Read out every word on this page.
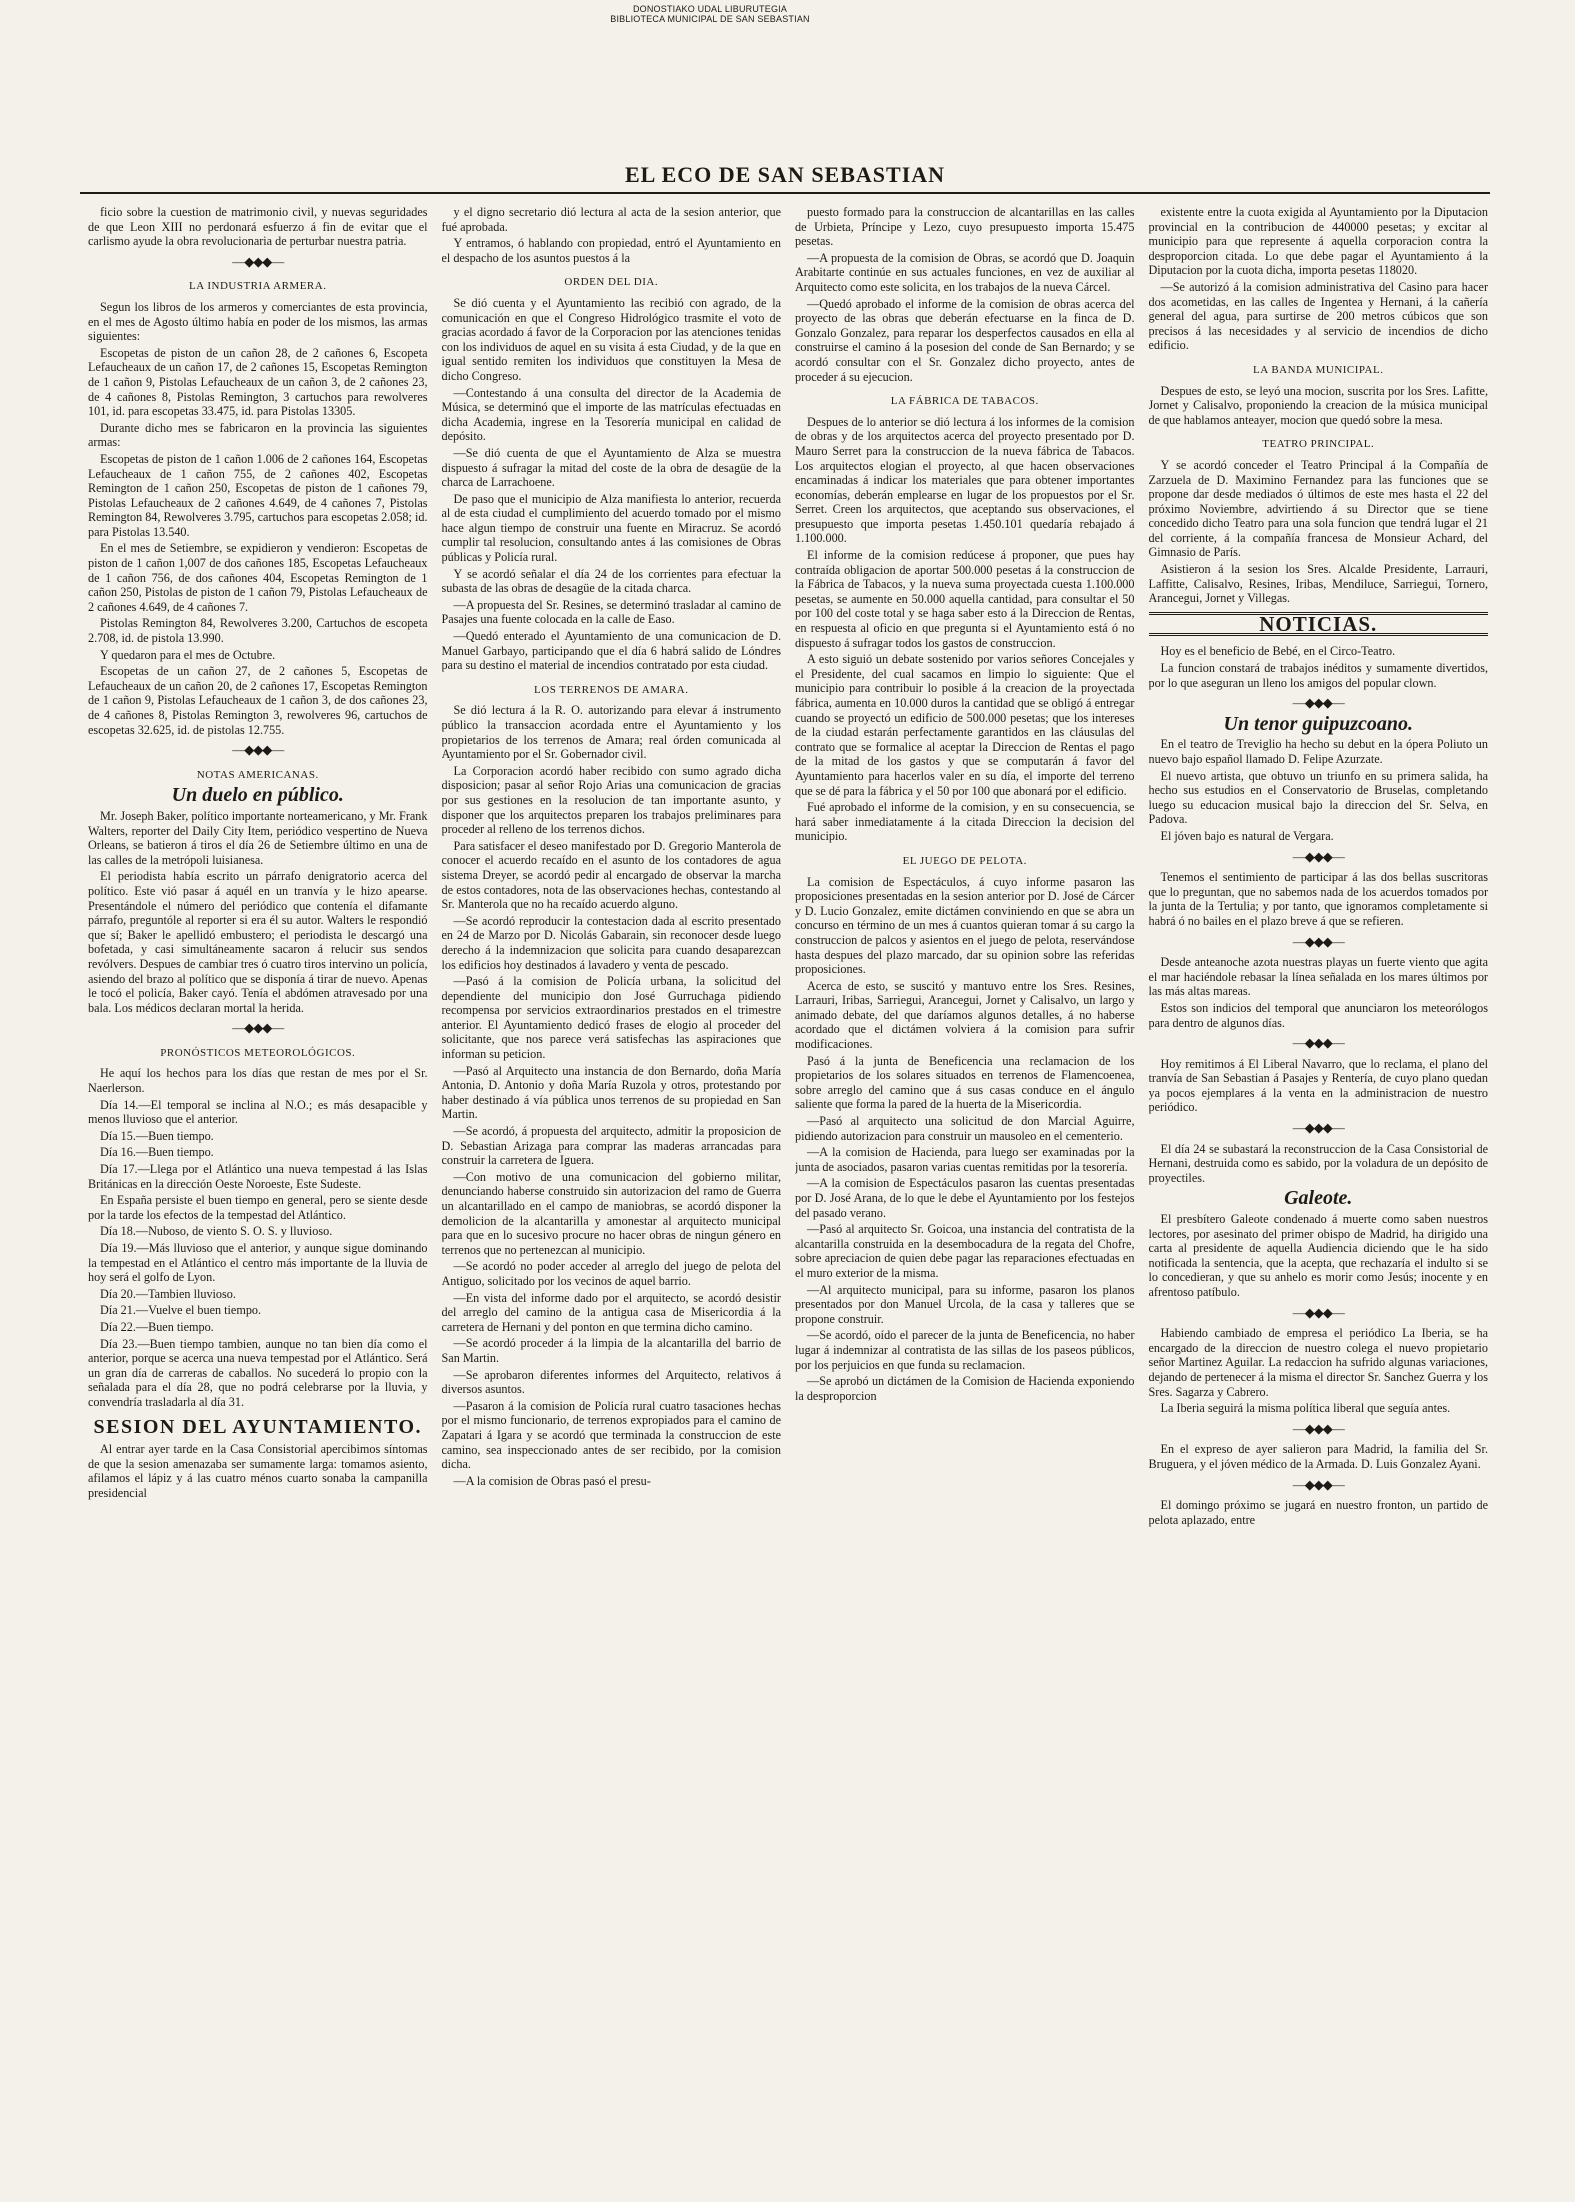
DONOSTIAKO UDAL LIBURUTEGIA
BIBLIOTECA MUNICIPAL DE SAN SEBASTIAN
EL ECO DE SAN SEBASTIAN

ficio sobre la cuestion de matrimonio civil, y nuevas seguridades de que Leon XIII no perdonará esfuerzo á fin de evitar que el carlismo ayude la obra revolucionaria de perturbar nuestra patria.

—◆◆◆—
LA INDUSTRIA ARMERA.

Segun los libros de los armeros y comerciantes de esta provincia, en el mes de Agosto último había en poder de los mismos, las armas siguientes:

Escopetas de piston de un cañon 28, de 2 cañones 6, Escopeta Lefaucheaux de un cañon 17, de 2 cañones 15, Escopetas Remington de 1 cañon 9, Pistolas Lefaucheaux de un cañon 3, de 2 cañones 23, de 4 cañones 8, Pistolas Remington, 3 cartuchos para rewolveres 101, id. para escopetas 33.475, id. para Pistolas 13305.

Durante dicho mes se fabricaron en la provincia las siguientes armas:

Escopetas de piston de 1 cañon 1.006 de 2 cañones 164, Escopetas Lefaucheaux de 1 cañon 755, de 2 cañones 402, Escopetas Remington de 1 cañon 250, Escopetas de piston de 1 cañones 79, Pistolas Lefaucheaux de 2 cañones 4.649, de 4 cañones 7, Pistolas Remington 84, Rewolveres 3.795, cartuchos para escopetas 2.058; id. para Pistolas 13.540.

En el mes de Setiembre, se expidieron y vendieron: Escopetas de piston de 1 cañon 1,007 de dos cañones 185, Escopetas Lefaucheaux de 1 cañon 756, de dos cañones 404, Escopetas Remington de 1 cañon 250, Pistolas de piston de 1 cañon 79, Pistolas Lefaucheaux de 2 cañones 4.649, de 4 cañones 7.

Pistolas Remington 84, Rewolveres 3.200, Cartuchos de escopeta 2.708, id. de pistola 13.990.

Y quedaron para el mes de Octubre.

Escopetas de un cañon 27, de 2 cañones 5, Escopetas de Lefaucheaux de un cañon 20, de 2 cañones 17, Escopetas Remington de 1 cañon 9, Pistolas Lefaucheaux de 1 cañon 3, de dos cañones 23, de 4 cañones 8, Pistolas Remington 3, rewolveres 96, cartuchos de escopetas 32.625, id. de pistolas 12.755.

—◆◆◆—
NOTAS AMERICANAS.
Un duelo en público.

Mr. Joseph Baker, político importante norteamericano, y Mr. Frank Walters, reporter del Daily City Item, periódico vespertino de Nueva Orleans, se batieron á tiros el día 26 de Setiembre último en una de las calles de la metrópoli luisianesa.

El periodista había escrito un párrafo denigratorio acerca del político. Este vió pasar á aquél en un tranvía y le hizo apearse. Presentándole el número del periódico que contenía el difamante párrafo, preguntóle al reporter si era él su autor. Walters le respondió que sí; Baker le apellidó embustero; el periodista le descargó una bofetada, y casi simultáneamente sacaron á relucir sus sendos revólvers. Despues de cambiar tres ó cuatro tiros intervino un policía, asiendo del brazo al político que se disponía á tirar de nuevo. Apenas le tocó el policía, Baker cayó. Tenía el abdómen atravesado por una bala. Los médicos declaran mortal la herida.

—◆◆◆—
PRONÓSTICOS METEOROLÓGICOS.

He aquí los hechos para los días que restan de mes por el Sr. Naerlerson.

Día 14.—El temporal se inclina al N.O.; es más desapacible y menos lluvioso que el anterior.

Día 15.—Buen tiempo.

Día 16.—Buen tiempo.

Día 17.—Llega por el Atlántico una nueva tempestad á las Islas Británicas en la dirección Oeste Noroeste, Este Sudeste.

En España persiste el buen tiempo en general, pero se siente desde por la tarde los efectos de la tempestad del Atlántico.

Día 18.—Nuboso, de viento S. O. S. y lluvioso.

Día 19.—Más lluvioso que el anterior, y aunque sigue dominando la tempestad en el Atlántico el centro más importante de la lluvia de hoy será el golfo de Lyon.

Día 20.—Tambien lluvioso.

Día 21.—Vuelve el buen tiempo.

Día 22.—Buen tiempo.

Día 23.—Buen tiempo tambien, aunque no tan bien día como el anterior, porque se acerca una nueva tempestad por el Atlántico. Será un gran día de carreras de caballos. No sucederá lo propio con la señalada para el día 28, que no podrá celebrarse por la lluvia, y convendría trasladarla al día 31.

SESION DEL AYUNTAMIENTO.

Al entrar ayer tarde en la Casa Consistorial apercibimos síntomas de que la sesion amenazaba ser sumamente larga: tomamos asiento, afilamos el lápiz y á las cuatro ménos cuarto sonaba la campanilla presidencial

y el digno secretario dió lectura al acta de la sesion anterior, que fué aprobada.

Y entramos, ó hablando con propiedad, entró el Ayuntamiento en el despacho de los asuntos puestos á la

ORDEN DEL DIA.

Se dió cuenta y el Ayuntamiento las recibió con agrado, de la comunicación en que el Congreso Hidrológico trasmite el voto de gracias acordado á favor de la Corporacion por las atenciones tenidas con los individuos de aquel en su visita á esta Ciudad, y de la que en igual sentido remiten los individuos que constituyen la Mesa de dicho Congreso.

—Contestando á una consulta del director de la Academia de Música, se determinó que el importe de las matrículas efectuadas en dicha Academia, ingrese en la Tesorería municipal en calidad de depósito.

—Se dió cuenta de que el Ayuntamiento de Alza se muestra dispuesto á sufragar la mitad del coste de la obra de desagüe de la charca de Larrachoene.

De paso que el municipio de Alza manifiesta lo anterior, recuerda al de esta ciudad el cumplimiento del acuerdo tomado por el mismo hace algun tiempo de construir una fuente en Miracruz. Se acordó cumplir tal resolucion, consultando antes á las comisiones de Obras públicas y Policía rural.

Y se acordó señalar el día 24 de los corrientes para efectuar la subasta de las obras de desagüe de la citada charca.

—A propuesta del Sr. Resines, se determinó trasladar al camino de Pasajes una fuente colocada en la calle de Easo.

—Quedó enterado el Ayuntamiento de una comunicacion de D. Manuel Garbayo, participando que el día 6 habrá salido de Lóndres para su destino el material de incendios contratado por esta ciudad.

LOS TERRENOS DE AMARA.

Se dió lectura á la R. O. autorizando para elevar á instrumento público la transaccion acordada entre el Ayuntamiento y los propietarios de los terrenos de Amara; real órden comunicada al Ayuntamiento por el Sr. Gobernador civil.

La Corporacion acordó haber recibido con sumo agrado dicha disposicion; pasar al señor Rojo Arias una comunicacion de gracias por sus gestiones en la resolucion de tan importante asunto, y disponer que los arquitectos preparen los trabajos preliminares para proceder al relleno de los terrenos dichos.

Para satisfacer el deseo manifestado por D. Gregorio Manterola de conocer el acuerdo recaído en el asunto de los contadores de agua sistema Dreyer, se acordó pedir al encargado de observar la marcha de estos contadores, nota de las observaciones hechas, contestando al Sr. Manterola que no ha recaído acuerdo alguno.

—Se acordó reproducir la contestacion dada al escrito presentado en 24 de Marzo por D. Nicolás Gabarain, sin reconocer desde luego derecho á la indemnizacion que solicita para cuando desaparezcan los edificios hoy destinados á lavadero y venta de pescado.

—Pasó á la comision de Policía urbana, la solicitud del dependiente del municipio don José Gurruchaga pidiendo recompensa por servicios extraordinarios prestados en el trimestre anterior. El Ayuntamiento dedicó frases de elogio al proceder del solicitante, que nos parece verá satisfechas las aspiraciones que informan su peticion.

—Pasó al Arquitecto una instancia de don Bernardo, doña María Antonia, D. Antonio y doña María Ruzola y otros, protestando por haber destinado á vía pública unos terrenos de su propiedad en San Martin.

—Se acordó, á propuesta del arquitecto, admitir la proposicion de D. Sebastian Arizaga para comprar las maderas arrancadas para construir la carretera de Iguera.

—Con motivo de una comunicacion del gobierno militar, denunciando haberse construido sin autorizacion del ramo de Guerra un alcantarillado en el campo de maniobras, se acordó disponer la demolicion de la alcantarilla y amonestar al arquitecto municipal para que en lo sucesivo procure no hacer obras de ningun género en terrenos que no pertenezcan al municipio.

—Se acordó no poder acceder al arreglo del juego de pelota del Antiguo, solicitado por los vecinos de aquel barrio.

—En vista del informe dado por el arquitecto, se acordó desistir del arreglo del camino de la antigua casa de Misericordia á la carretera de Hernani y del ponton en que termina dicho camino.

—Se acordó proceder á la limpia de la alcantarilla del barrio de San Martin.

—Se aprobaron diferentes informes del Arquitecto, relativos á diversos asuntos.

—Pasaron á la comision de Policía rural cuatro tasaciones hechas por el mismo funcionario, de terrenos expropiados para el camino de Zapatari á Igara y se acordó que terminada la construccion de este camino, sea inspeccionado antes de ser recibido, por la comision dicha.

—A la comision de Obras pasó el presu-

puesto formado para la construccion de alcantarillas en las calles de Urbieta, Príncipe y Lezo, cuyo presupuesto importa 15.475 pesetas.

—A propuesta de la comision de Obras, se acordó que D. Joaquin Arabitarte continúe en sus actuales funciones, en vez de auxiliar al Arquitecto como este solicita, en los trabajos de la nueva Cárcel.

—Quedó aprobado el informe de la comision de obras acerca del proyecto de las obras que deberán efectuarse en la finca de D. Gonzalo Gonzalez, para reparar los desperfectos causados en ella al construirse el camino á la posesion del conde de San Bernardo; y se acordó consultar con el Sr. Gonzalez dicho proyecto, antes de proceder á su ejecucion.

LA FÁBRICA DE TABACOS.

Despues de lo anterior se dió lectura á los informes de la comision de obras y de los arquitectos acerca del proyecto presentado por D. Mauro Serret para la construccion de la nueva fábrica de Tabacos. Los arquitectos elogian el proyecto, al que hacen observaciones encaminadas á indicar los materiales que para obtener importantes economías, deberán emplearse en lugar de los propuestos por el Sr. Serret. Creen los arquitectos, que aceptando sus observaciones, el presupuesto que importa pesetas 1.450.101 quedaría rebajado á 1.100.000.

El informe de la comision redúcese á proponer, que pues hay contraída obligacion de aportar 500.000 pesetas á la construccion de la Fábrica de Tabacos, y la nueva suma proyectada cuesta 1.100.000 pesetas, se aumente en 50.000 aquella cantidad, para consultar el 50 por 100 del coste total y se haga saber esto á la Direccion de Rentas, en respuesta al oficio en que pregunta si el Ayuntamiento está ó no dispuesto á sufragar todos los gastos de construccion.

A esto siguió un debate sostenido por varios señores Concejales y el Presidente, del cual sacamos en limpio lo siguiente: Que el municipio para contribuir lo posible á la creacion de la proyectada fábrica, aumenta en 10.000 duros la cantidad que se obligó á entregar cuando se proyectó un edificio de 500.000 pesetas; que los intereses de la ciudad estarán perfectamente garantidos en las cláusulas del contrato que se formalice al aceptar la Direccion de Rentas el pago de la mitad de los gastos y que se computarán á favor del Ayuntamiento para hacerlos valer en su día, el importe del terreno que se dé para la fábrica y el 50 por 100 que abonará por el edificio.

Fué aprobado el informe de la comision, y en su consecuencia, se hará saber inmediatamente á la citada Direccion la decision del municipio.

EL JUEGO DE PELOTA.

La comision de Espectáculos, á cuyo informe pasaron las proposiciones presentadas en la sesion anterior por D. José de Cárcer y D. Lucio Gonzalez, emite dictámen conviniendo en que se abra un concurso en término de un mes á cuantos quieran tomar á su cargo la construccion de palcos y asientos en el juego de pelota, reservándose hasta despues del plazo marcado, dar su opinion sobre las referidas proposiciones.

Acerca de esto, se suscitó y mantuvo entre los Sres. Resines, Larrauri, Iribas, Sarriegui, Arancegui, Jornet y Calisalvo, un largo y animado debate, del que daríamos algunos detalles, á no haberse acordado que el dictámen volviera á la comision para sufrir modificaciones.

Pasó á la junta de Beneficencia una reclamacion de los propietarios de los solares situados en terrenos de Flamencoenea, sobre arreglo del camino que á sus casas conduce en el ángulo saliente que forma la pared de la huerta de la Misericordia.

—Pasó al arquitecto una solicitud de don Marcial Aguirre, pidiendo autorizacion para construir un mausoleo en el cementerio.

—A la comision de Hacienda, para luego ser examinadas por la junta de asociados, pasaron varias cuentas remitidas por la tesorería.

—A la comision de Espectáculos pasaron las cuentas presentadas por D. José Arana, de lo que le debe el Ayuntamiento por los festejos del pasado verano.

—Pasó al arquitecto Sr. Goicoa, una instancia del contratista de la alcantarilla construida en la desembocadura de la regata del Chofre, sobre apreciacion de quien debe pagar las reparaciones efectuadas en el muro exterior de la misma.

—Al arquitecto municipal, para su informe, pasaron los planos presentados por don Manuel Urcola, de la casa y talleres que se propone construir.

—Se acordó, oído el parecer de la junta de Beneficencia, no haber lugar á indemnizar al contratista de las sillas de los paseos públicos, por los perjuicios en que funda su reclamacion.

—Se aprobó un dictámen de la Comision de Hacienda exponiendo la desproporcion

existente entre la cuota exigida al Ayuntamiento por la Diputacion provincial en la contribucion de 440000 pesetas; y excitar al municipio para que represente á aquella corporacion contra la desproporcion citada. Lo que debe pagar el Ayuntamiento á la Diputacion por la cuota dicha, importa pesetas 118020.

—Se autorizó á la comision administrativa del Casino para hacer dos acometidas, en las calles de Ingentea y Hernani, á la cañería general del agua, para surtirse de 200 metros cúbicos que son precisos á las necesidades y al servicio de incendios de dicho edificio.

LA BANDA MUNICIPAL.

Despues de esto, se leyó una mocion, suscrita por los Sres. Lafitte, Jornet y Calisalvo, proponiendo la creacion de la música municipal de que hablamos anteayer, mocion que quedó sobre la mesa.

TEATRO PRINCIPAL.

Y se acordó conceder el Teatro Principal á la Compañía de Zarzuela de D. Maximino Fernandez para las funciones que se propone dar desde mediados ó últimos de este mes hasta el 22 del próximo Noviembre, advirtiendo á su Director que se tiene concedido dicho Teatro para una sola funcion que tendrá lugar el 21 del corriente, á la compañía francesa de Monsieur Achard, del Gimnasio de París.

Asistieron á la sesion los Sres. Alcalde Presidente, Larrauri, Laffitte, Calisalvo, Resines, Iribas, Mendiluce, Sarriegui, Tornero, Arancegui, Jornet y Villegas.

NOTICIAS.

Hoy es el beneficio de Bebé, en el Circo-Teatro.

La funcion constará de trabajos inéditos y sumamente divertidos, por lo que aseguran un lleno los amigos del popular clown.

—◆◆◆—
Un tenor guipuzcoano.

En el teatro de Treviglio ha hecho su debut en la ópera Poliuto un nuevo bajo español llamado D. Felipe Azurzate.

El nuevo artista, que obtuvo un triunfo en su primera salida, ha hecho sus estudios en el Conservatorio de Bruselas, completando luego su educacion musical bajo la direccion del Sr. Selva, en Padova.

El jóven bajo es natural de Vergara.

—◆◆◆—

Tenemos el sentimiento de participar á las dos bellas suscritoras que lo preguntan, que no sabemos nada de los acuerdos tomados por la junta de la Tertulia; y por tanto, que ignoramos completamente si habrá ó no bailes en el plazo breve á que se refieren.

—◆◆◆—

Desde anteanoche azota nuestras playas un fuerte viento que agita el mar haciéndole rebasar la línea señalada en los mares últimos por las más altas mareas.

Estos son indicios del temporal que anunciaron los meteorólogos para dentro de algunos días.

—◆◆◆—

Hoy remitimos á El Liberal Navarro, que lo reclama, el plano del tranvía de San Sebastian á Pasajes y Rentería, de cuyo plano quedan ya pocos ejemplares á la venta en la administracion de nuestro periódico.

—◆◆◆—

El día 24 se subastará la reconstruccion de la Casa Consistorial de Hernani, destruida como es sabido, por la voladura de un depósito de proyectiles.

Galeote.

El presbítero Galeote condenado á muerte como saben nuestros lectores, por asesinato del primer obispo de Madrid, ha dirigido una carta al presidente de aquella Audiencia diciendo que le ha sido notificada la sentencia, que la acepta, que rechazaría el indulto si se lo concedieran, y que su anhelo es morir como Jesús; inocente y en afrentoso patíbulo.

—◆◆◆—

Habiendo cambiado de empresa el periódico La Iberia, se ha encargado de la direccion de nuestro colega el nuevo propietario señor Martinez Aguilar. La redaccion ha sufrido algunas variaciones, dejando de pertenecer á la misma el director Sr. Sanchez Guerra y los Sres. Sagarza y Cabrero.

La Iberia seguirá la misma política liberal que seguía antes.

—◆◆◆—

En el expreso de ayer salieron para Madrid, la familia del Sr. Bruguera, y el jóven médico de la Armada. D. Luis Gonzalez Ayani.

—◆◆◆—

El domingo próximo se jugará en nuestro fronton, un partido de pelota aplazado, entre
